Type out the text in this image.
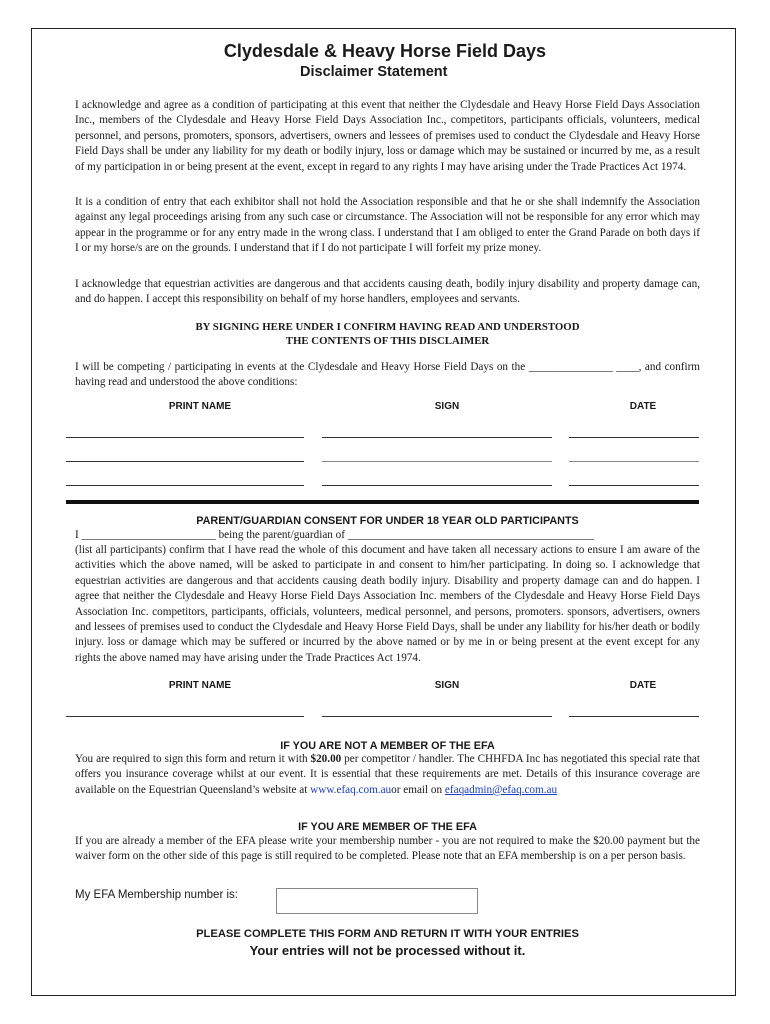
Clydesdale & Heavy Horse Field Days
Disclaimer Statement

I acknowledge and agree as a condition of participating at this event that neither the Clydesdale and Heavy Horse Field Days Association Inc., members of the Clydesdale and Heavy Horse Field Days Association Inc., competitors, participants officials, volunteers, medical personnel, and persons, promoters, sponsors, advertisers, owners and lessees of premises used to conduct the Clydesdale and Heavy Horse Field Days shall be under any liability for my death or bodily injury, loss or damage which may be sustained or incurred by me, as a result of my participation in or being present at the event, except in regard to any rights I may have arising under the Trade Practices Act 1974.

It is a condition of entry that each exhibitor shall not hold the Association responsible and that he or she shall indemnify the Association against any legal proceedings arising from any such case or circumstance. The Association will not be responsible for any error which may appear in the programme or for any entry made in the wrong class. I understand that I am obliged to enter the Grand Parade on both days if I or my horse/s are on the grounds. I understand that if I do not participate I will forfeit my prize money.

I acknowledge that equestrian activities are dangerous and that accidents causing death, bodily injury disability and property damage can, and do happen. I accept this responsibility on behalf of my horse handlers, employees and servants.

BY SIGNING HERE UNDER I CONFIRM HAVING READ AND UNDERSTOOD
THE CONTENTS OF THIS DISCLAIMER

I will be competing / participating in events at the Clydesdale and Heavy Horse Field Days on the _______________ ____, and confirm having read and understood the above conditions:

PRINT NAME	SIGN	DATE
PARENT/GUARDIAN CONSENT FOR UNDER 18 YEAR OLD PARTICIPANTS
I ________________________ being the parent/guardian of ____________________________________________

(list all participants) confirm that I have read the whole of this document and have taken all necessary actions to ensure I am aware of the activities which the above named, will be asked to participate in and consent to him/her participating. In doing so. I acknowledge that equestrian activities are dangerous and that accidents causing death bodily injury. Disability and property damage can and do happen. I agree that neither the Clydesdale and Heavy Horse Field Days Association Inc. members of the Clydesdale and Heavy Horse Field Days Association Inc. competitors, participants, officials, volunteers, medical personnel, and persons, promoters. sponsors, advertisers, owners and lessees of premises used to conduct the Clydesdale and Heavy Horse Field Days, shall be under any liability for his/her death or bodily injury. loss or damage which may be suffered or incurred by the above named or by me in or being present at the event except for any rights the above named may have arising under the Trade Practices Act 1974.

PRINT NAME	SIGN	DATE
IF YOU ARE NOT A MEMBER OF THE EFA

You are required to sign this form and return it with $20.00 per competitor / handler. The CHHFDA Inc has negotiated this special rate that offers you insurance coverage whilst at our event. It is essential that these requirements are met. Details of this insurance coverage are available on the Equestrian Queensland’s website at www.efaq.com.auor email on efaqadmin@efaq.com.au

IF YOU ARE MEMBER OF THE EFA

If you are already a member of the EFA please write your membership number - you are not required to make the $20.00 payment but the waiver form on the other side of this page is still required to be completed. Please note that an EFA membership is on a per person basis.

My EFA Membership number is:
PLEASE COMPLETE THIS FORM AND RETURN IT WITH YOUR ENTRIES
Your entries will not be processed without it.
